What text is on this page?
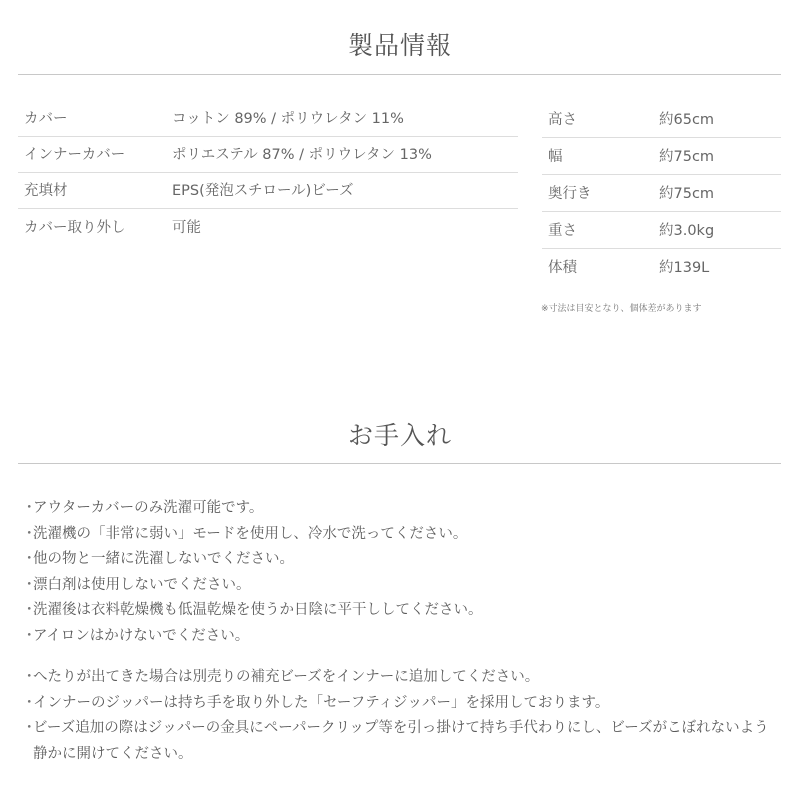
製品情報
カバー	コットン 89% / ポリウレタン 11%
インナーカバー	ポリエステル 87% / ポリウレタン 13%
充填材	EPS(発泡スチロール)ビーズ
カバー取り外し	可能
高さ	約65cm
幅	約75cm
奥行き	約75cm
重さ	約3.0kg
体積	約139L
※寸法は目安となり、個体差があります
お手入れ
・
アウターカバーのみ洗濯可能です。
・
洗濯機の「非常に弱い」モードを使用し、冷水で洗ってください。
・
他の物と一緒に洗濯しないでください。
・
漂白剤は使用しないでください。
・
洗濯後は衣料乾燥機も低温乾燥を使うか日陰に平干ししてください。
・
アイロンはかけないでください。
・
へたりが出てきた場合は別売りの補充ビーズをインナーに追加してください。
・
インナーのジッパーは持ち手を取り外した「セーフティジッパー」を採用しております。
・
ビーズ追加の際はジッパーの金具にペーパークリップ等を引っ掛けて持ち手代わりにし、ビーズがこぼれないよう静かに開けてください。
